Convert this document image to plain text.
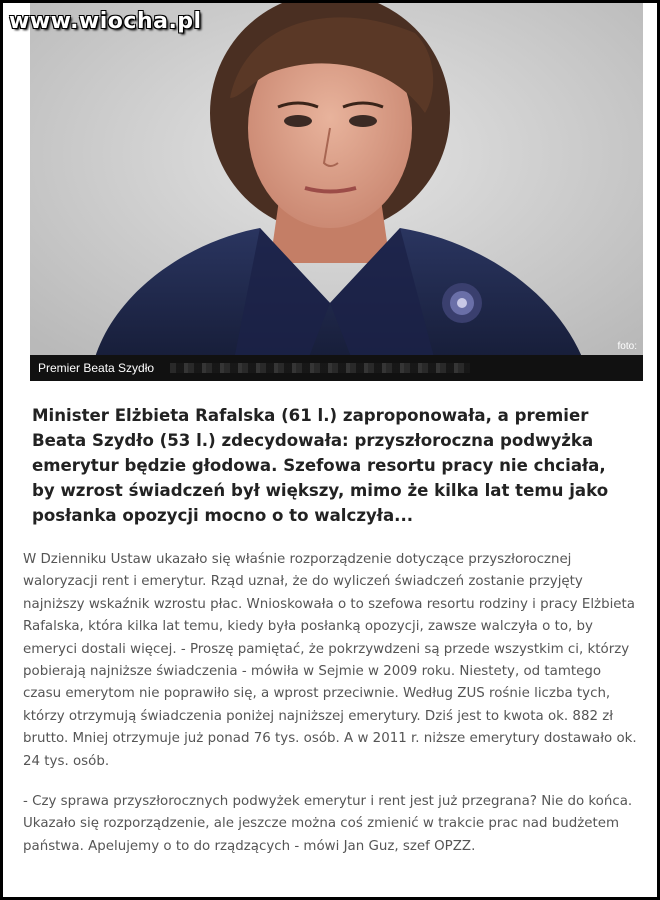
foto:
Premier Beata Szydło
www.wiocha.pl
Minister Elżbieta Rafalska (61 l.) zaproponowała, a premier Beata Szydło (53 l.) zdecydowała: przyszłoroczna podwyżka emerytur będzie głodowa. Szefowa resortu pracy nie chciała, by wzrost świadczeń był większy, mimo że kilka lat temu jako posłanka opozycji mocno o to walczyła...

W Dzienniku Ustaw ukazało się właśnie rozporządzenie dotyczące przyszłorocznej waloryzacji rent i emerytur. Rząd uznał, że do wyliczeń świadczeń zostanie przyjęty najniższy wskaźnik wzrostu płac. Wnioskowała o to szefowa resortu rodziny i pracy Elżbieta Rafalska, która kilka lat temu, kiedy była posłanką opozycji, zawsze walczyła o to, by emeryci dostali więcej. - Proszę pamiętać, że pokrzywdzeni są przede wszystkim ci, którzy pobierają najniższe świadczenia - mówiła w Sejmie w 2009 roku. Niestety, od tamtego czasu emerytom nie poprawiło się, a wprost przeciwnie. Według ZUS rośnie liczba tych, którzy otrzymują świadczenia poniżej najniższej emerytury. Dziś jest to kwota ok. 882 zł brutto. Mniej otrzymuje już ponad 76 tys. osób. A w 2011 r. niższe emerytury dostawało ok. 24 tys. osób.

- Czy sprawa przyszłorocznych podwyżek emerytur i rent jest już przegrana? Nie do końca. Ukazało się rozporządzenie, ale jeszcze można coś zmienić w trakcie prac nad budżetem państwa. Apelujemy o to do rządzących - mówi Jan Guz, szef OPZZ.
